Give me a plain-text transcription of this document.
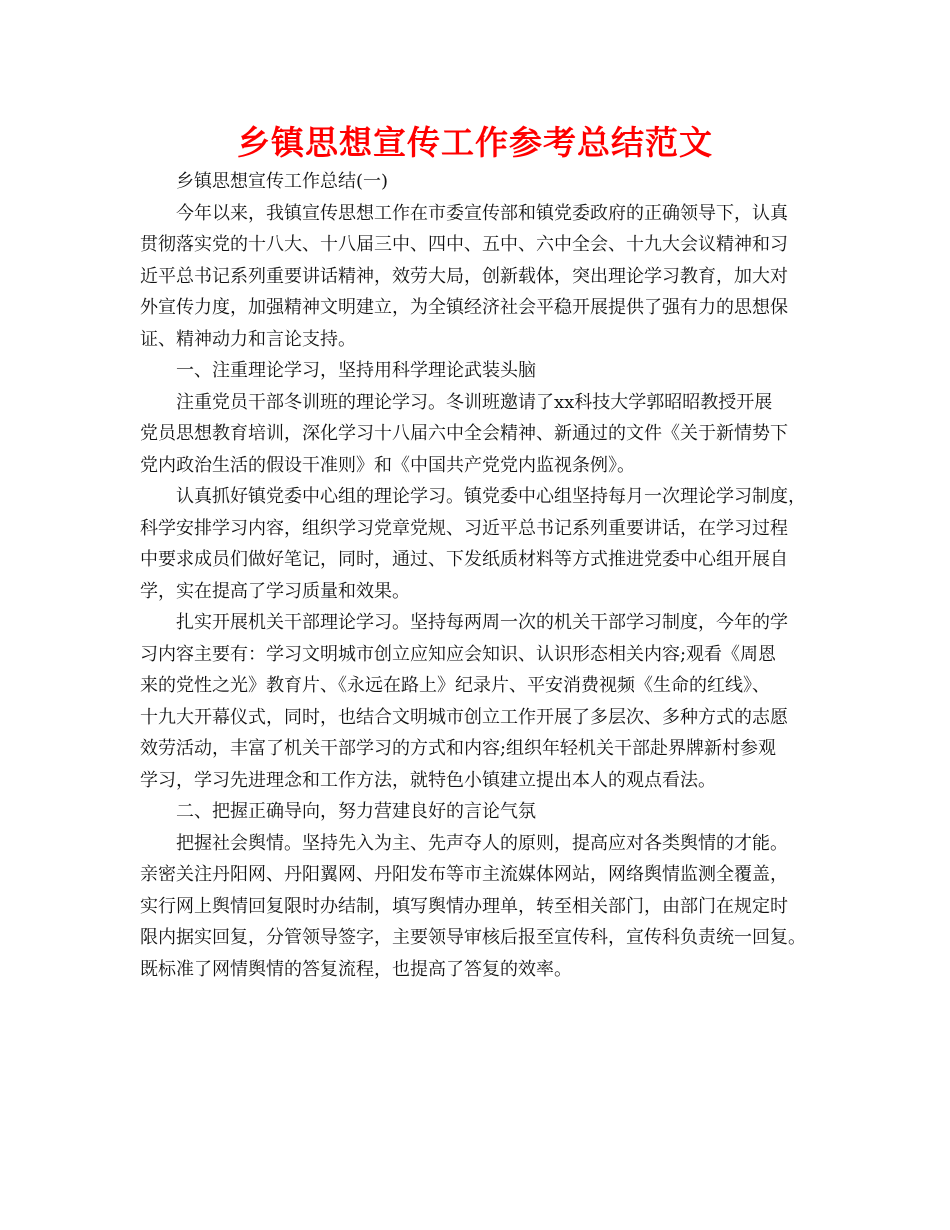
乡镇思想宣传工作参考总结范文
乡镇思想宣传工作总结(一)
今年以来，我镇宣传思想工作在市委宣传部和镇党委政府的正确领导下，认真
贯彻落实党的十八大、十八届三中、四中、五中、六中全会、十九大会议精神和习
近平总书记系列重要讲话精神，效劳大局，创新载体，突出理论学习教育，加大对
外宣传力度，加强精神文明建立，为全镇经济社会平稳开展提供了强有力的思想保
证、精神动力和言论支持。
一、注重理论学习，坚持用科学理论武装头脑
注重党员干部冬训班的理论学习。冬训班邀请了xx科技大学郭昭昭教授开展
党员思想教育培训，深化学习十八届六中全会精神、新通过的文件《关于新情势下
党内政治生活的假设干准则》和《中国共产党党内监视条例》。
认真抓好镇党委中心组的理论学习。镇党委中心组坚持每月一次理论学习制度，
科学安排学习内容，组织学习党章党规、习近平总书记系列重要讲话，在学习过程
中要求成员们做好笔记，同时，通过、下发纸质材料等方式推进党委中心组开展自
学，实在提高了学习质量和效果。
扎实开展机关干部理论学习。坚持每两周一次的机关干部学习制度，今年的学
习内容主要有：学习文明城市创立应知应会知识、认识形态相关内容;观看《周恩
来的党性之光》教育片、《永远在路上》纪录片、平安消费视频《生命的红线》、
十九大开幕仪式，同时，也结合文明城市创立工作开展了多层次、多种方式的志愿
效劳活动，丰富了机关干部学习的方式和内容;组织年轻机关干部赴界牌新村参观
学习，学习先进理念和工作方法，就特色小镇建立提出本人的观点看法。
二、把握正确导向，努力营建良好的言论气氛
把握社会舆情。坚持先入为主、先声夺人的原则，提高应对各类舆情的才能。
亲密关注丹阳网、丹阳翼网、丹阳发布等市主流媒体网站，网络舆情监测全覆盖，
实行网上舆情回复限时办结制，填写舆情办理单，转至相关部门，由部门在规定时
限内据实回复，分管领导签字，主要领导审核后报至宣传科，宣传科负责统一回复。
既标准了网情舆情的答复流程，也提高了答复的效率。
